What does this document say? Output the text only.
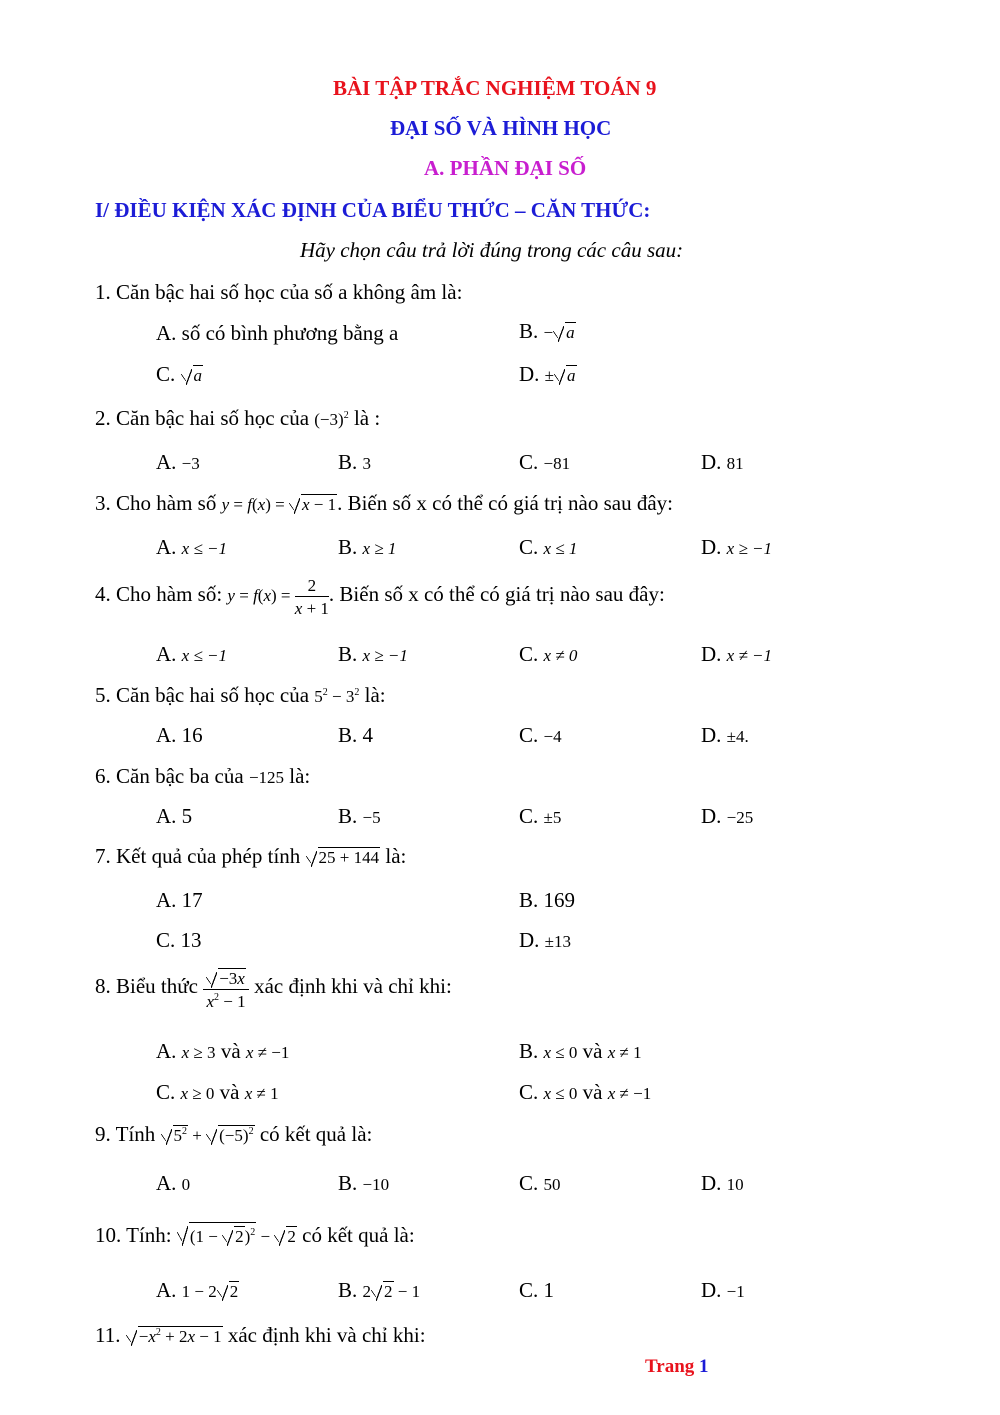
BÀI TẬP TRẮC NGHIỆM TOÁN 9
ĐẠI SỐ VÀ HÌNH HỌC
A. PHẦN ĐẠI SỐ
I/ ĐIỀU KIỆN XÁC ĐỊNH CỦA BIỂU THỨC – CĂN THỨC:
Hãy chọn câu trả lời đúng trong các câu sau:
1. Căn bậc hai số học của số a không âm là:
A. số có bình phương bằng a	B. − a
C. a	D. ± a
2. Căn bậc hai số học của $(-3)^2$ là :
A. −3	B. 3	C. −81	D. 81
3. Cho hàm số y = f(x) = x − 1. Biến số x có thể có giá trị nào sau đây:
A. x ≤ −1	B. x ≥ 1	C. x ≤ 1	D. x ≥ −1
4. Cho hàm số: $y = f(x) = \frac{2}{x + 1}$ . Biến số x có thể có giá trị nào sau đây:
A. x ≤ −1	B. x ≥ −1	C. x ≠ 0	D. x ≠ −1
5. Căn bậc hai số học của $5^2 - 3^2$ là:
A. 16	B. 4	C. −4	D. ±4.
6. Căn bậc ba của −125 là:
A. 5	B. −5	C. ±5	D. −25
7. Kết quả của phép tính 25 + 144 là:
A. 17	B. 169
C. 13	D. ±13
8. Biểu thức $\frac{-3x}{x^2 - 1}$ xác định khi và chỉ khi:
A. x ≥ 3 và x ≠ −1	B. x ≤ 0 và x ≠ 1
C. x ≥ 0 và x ≠ 1	C. x ≤ 0 và x ≠ −1
9. Tính $5^2 + (-5)^2$ có kết quả là:
A. 0	B. −10	C. 50	D. 10
10. Tính: $(1 - 2)^2 - 2$ có kết quả là:
A. 1 − 2 2	B. 2 2 − 1	C. 1	D. −1
11. $-x^2 + 2x - 1$ xác định khi và chỉ khi:
Trang 1
